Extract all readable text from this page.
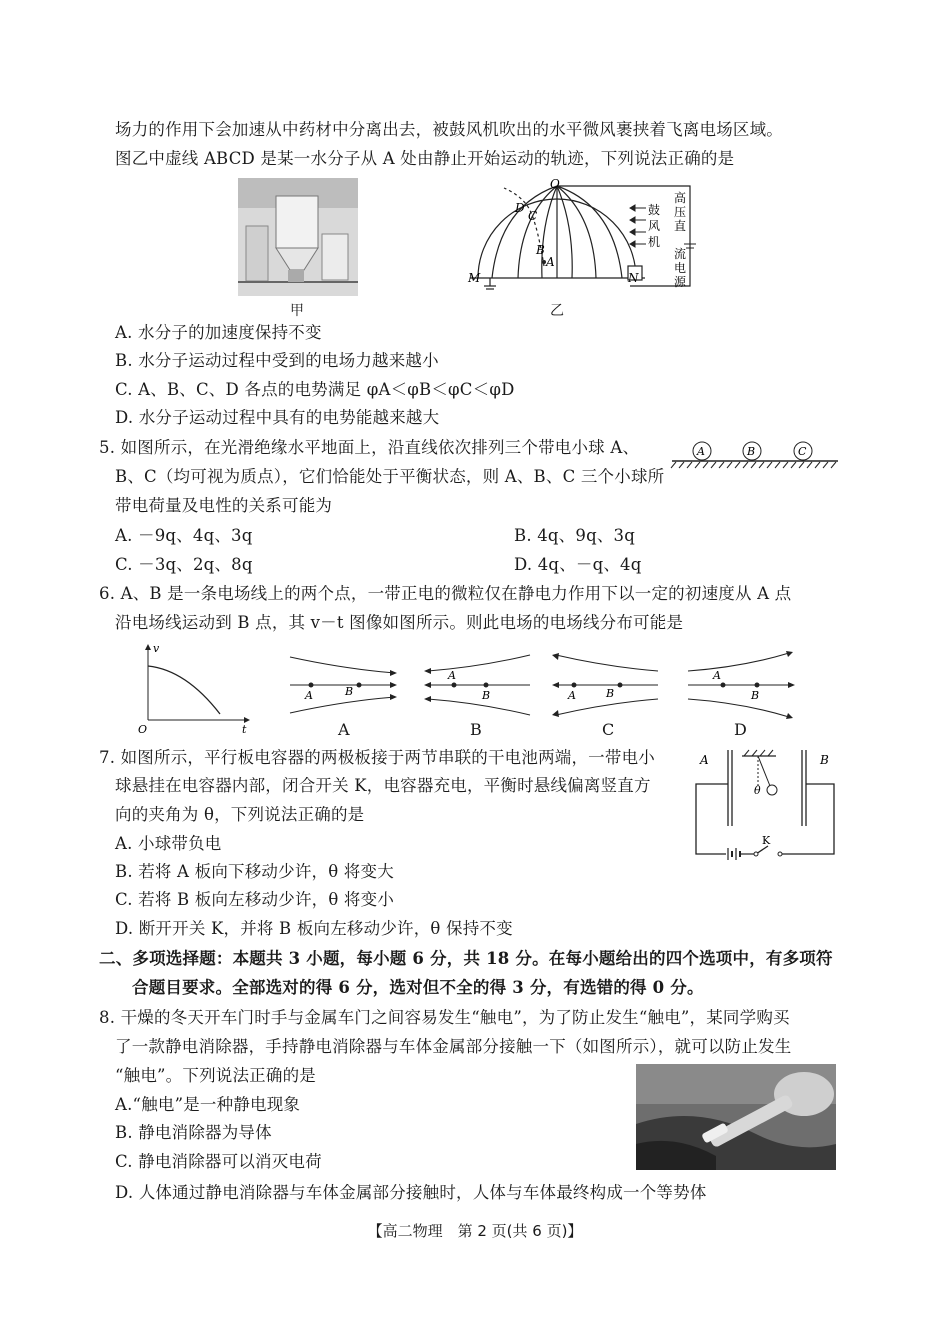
场力的作用下会加速从中药材中分离出去，被鼓风机吹出的水平微风裹挟着飞离电场区域。
图乙中虚线 ABCD 是某一水分子从 A 处由静止开始运动的轨迹，下列说法正确的是
甲
O
A
B
C
D
M	N
鼓
风
机
高
压
直
流
电
源
乙
A. 水分子的加速度保持不变
B. 水分子运动过程中受到的电场力越来越小
C. A、B、C、D 各点的电势满足 φA＜φB＜φC＜φD
D. 水分子运动过程中具有的电势能越来越大
5. 如图所示，在光滑绝缘水平地面上，沿直线依次排列三个带电小球 A、
B、C（均可视为质点），它们恰能处于平衡状态，则 A、B、C 三个小球所
带电荷量及电性的关系可能为
A	B	C
A. －9q、4q、3q	B. 4q、9q、3q
C. －3q、2q、8q	D. 4q、－q、4q
6. A、B 是一条电场线上的两个点，一带正电的微粒仅在静电力作用下以一定的初速度从 A 点
沿电场线运动到 B 点，其 v－t 图像如图所示。则此电场的电场线分布可能是
v
t
O
A	B
A
B	A	B
A
B
A	B	C	D
7. 如图所示，平行板电容器的两极板接于两节串联的干电池两端，一带电小
球悬挂在电容器内部，闭合开关 K，电容器充电，平衡时悬线偏离竖直方
向的夹角为 θ，下列说法正确的是
A. 小球带负电
B. 若将 A 板向下移动少许，θ 将变大
C. 若将 B 板向左移动少许，θ 将变小
D. 断开开关 K，并将 B 板向左移动少许，θ 保持不变
A	B
K
θ
二、多项选择题：本题共 3 小题，每小题 6 分，共 18 分。在每小题给出的四个选项中，有多项符
合题目要求。全部选对的得 6 分，选对但不全的得 3 分，有选错的得 0 分。
8. 干燥的冬天开车门时手与金属车门之间容易发生“触电”，为了防止发生“触电”，某同学购买
了一款静电消除器，手持静电消除器与车体金属部分接触一下（如图所示），就可以防止发生
“触电”。下列说法正确的是
A.“触电”是一种静电现象
B. 静电消除器为导体
C. 静电消除器可以消灭电荷
D. 人体通过静电消除器与车体金属部分接触时，人体与车体最终构成一个等势体
【高二物理　第 2 页(共 6 页)】
